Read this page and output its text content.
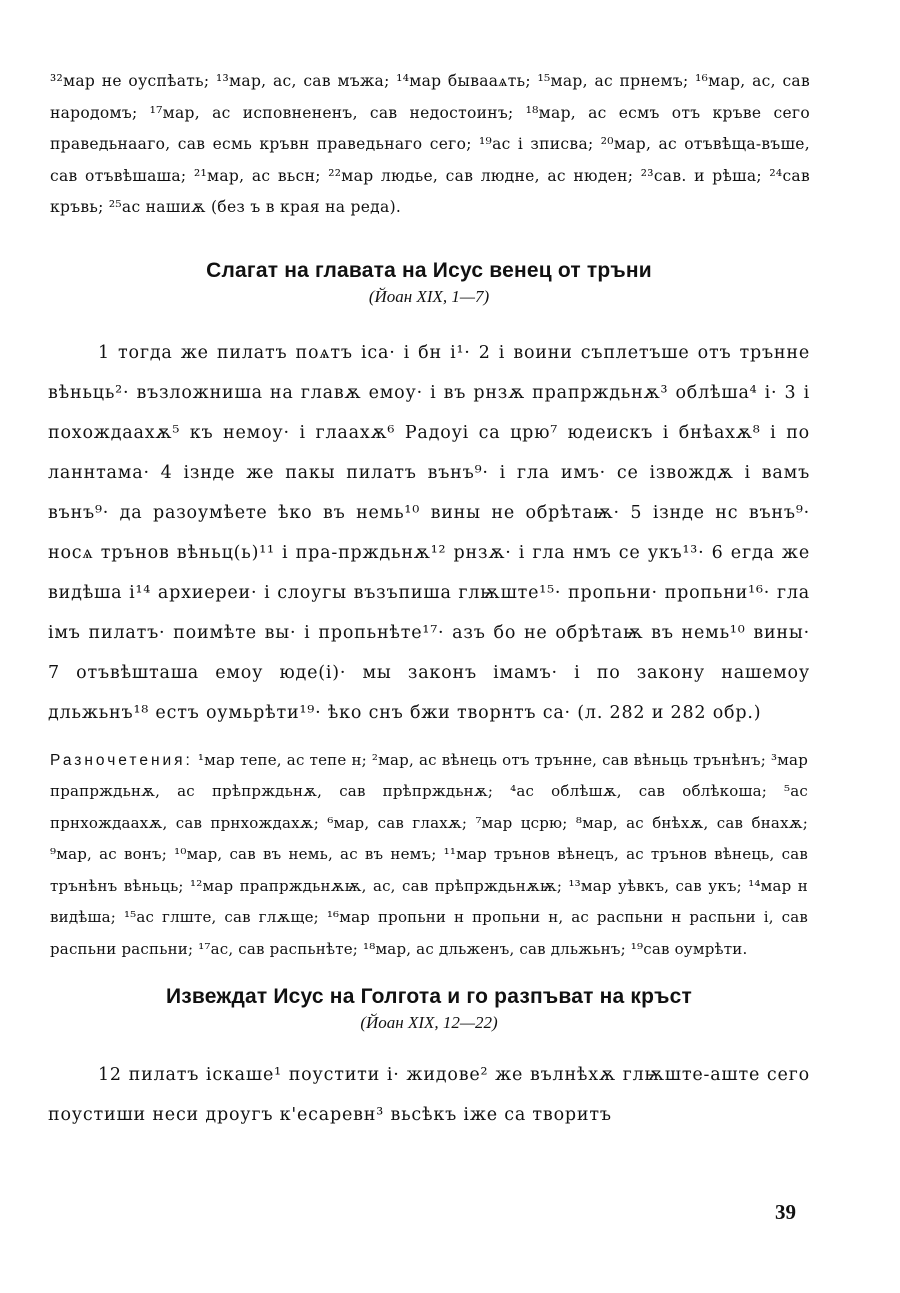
³²мар не оуспѣать; ¹³мар, ас, сав мъжа; ¹⁴мар бывааѧть; ¹⁵мар, ас прнемъ; ¹⁶мар, ас, сав народомъ; ¹⁷мар, ас исповнененъ, сав недостоинъ; ¹⁸мар, ас есмъ отъ кръве сего праведьнааго, сав есмь кръвн праведьнаго сего; ¹⁹ас і зписва; ²⁰мар, ас отъвѣща-въше, сав отъвѣшаша; ²¹мар, ас вьсн; ²²мар людье, сав людне, ас нюден; ²³сав. и рѣша; ²⁴сав кръвь; ²⁵ас нашиѫ (без ъ в края на реда).

Слагат на главата на Исус венец от тръни

(Йоан XIX, 1—7)

1 тогда же пилатъ поѧтъ іса· і бн і¹· 2 і воини съплетъше отъ трънне вѣньць²· възложниша на главѫ емоу· і въ рнзѫ прапрждьнѫ³ облѣша⁴ і· 3 і похождаахѫ⁵ къ немоу· і глаахѫ⁶ Радоуі са црю⁷ юдеискъ і бнѣахѫ⁸ і по ланнтама· 4 ізнде же пакы пилатъ вънъ⁹· і гла имъ· се ізвождѫ і вамъ вънъ⁹· да разоумѣете ѣко въ немь¹⁰ вины не обрѣтаѭ· 5 ізнде нс вънъ⁹· носѧ трънов вѣньц(ь)¹¹ і пра-прждьнѫ¹² рнзѫ· і гла нмъ се укъ¹³· 6 егда же видѣша і¹⁴ архиереи· і слоугы възъпиша глѭште¹⁵· пропьни· пропьни¹⁶· гла імъ пилатъ· поимѣте вы· і пропьнѣте¹⁷· азъ бо не обрѣтаѭ въ немь¹⁰ вины· 7 отъвѣшташа емоу юде(і)· мы законъ імамъ· і по закону нашемоу дльжьнъ¹⁸ естъ оумьрѣти¹⁹· ѣко снъ бжи творнтъ са· (л. 282 и 282 обр.)

Разночетения: ¹мар тепе, ас тепе н; ²мар, ас вѣнець отъ трънне, сав вѣньць трънѣнъ; ³мар прапрждьнѫ, ас прѣпрждьнѫ, сав прѣпрждьнѫ; ⁴ас облѣшѫ, сав облѣкоша; ⁵ас прнхождаахѫ, сав прнхождахѫ; ⁶мар, сав глахѫ; ⁷мар цсрю; ⁸мар, ас бнѣхѫ, сав бнахѫ; ⁹мар, ас вонъ; ¹⁰мар, сав въ немь, ас въ немъ; ¹¹мар трънов вѣнецъ, ас трънов вѣнець, сав трънѣнъ вѣньць; ¹²мар прапрждьнѫѭ, ас, сав прѣпрждьнѫѭ; ¹³мар уѣвкъ, сав укъ; ¹⁴мар н видѣша; ¹⁵ас глште, сав глѫще; ¹⁶мар пропьни н пропьни н, ас распьни н распьни і, сав распьни распьни; ¹⁷ас, сав распьнѣте; ¹⁸мар, ас дльженъ, сав дльжьнъ; ¹⁹сав оумрѣти.

Извеждат Исус на Голгота и го разпъват на кръст

(Йоан XIX, 12—22)

12 пилатъ іскаше¹ поустити і· жидове² же вълнѣхѫ глѭште-аште сего поустиши неси дроугъ к'есаревн³ вьсѣкъ іже са творитъ

39
